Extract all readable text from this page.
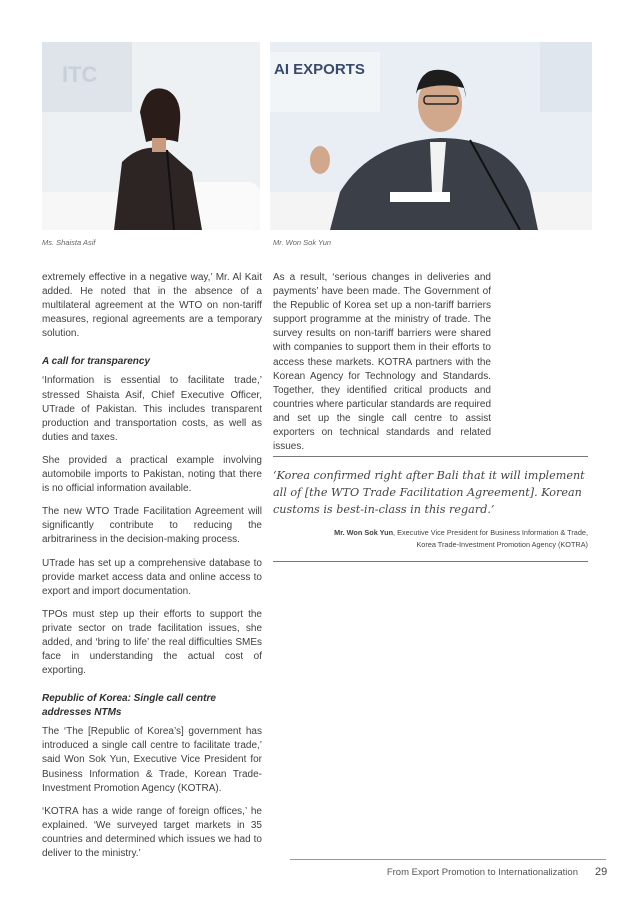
ITC
Ms. Shaista Asif
AI EXPORTS
Mr. Won Sok Yun

extremely effective in a negative way,’ Mr. Al Kait added. He noted that in the absence of a multilateral agreement at the WTO on non-tariff measures, regional agreements are a temporary solution.

A call for transparency

‘Information is essential to facilitate trade,’ stressed Shaista Asif, Chief Executive Officer, UTrade of Pakistan. This includes transparent production and transportation costs, as well as duties and taxes.

She provided a practical example involving automobile imports to Pakistan, noting that there is no official information available.

The new WTO Trade Facilitation Agreement will significantly contribute to reducing the arbitrariness in the decision-making process.

UTrade has set up a comprehensive database to provide market access data and online access to export and import documentation.

TPOs must step up their efforts to support the private sector on trade facilitation issues, she added, and ‘bring to life’ the real difficulties SMEs face in understanding the actual cost of exporting.

Republic of Korea: Single call centre addresses NTMs

The ‘The [Republic of Korea’s] government has introduced a single call centre to facilitate trade,’ said Won Sok Yun, Executive Vice President for Business Information & Trade, Korean Trade-Investment Promotion Agency (KOTRA).

‘KOTRA has a wide range of foreign offices,’ he explained. ‘We surveyed target markets in 35 countries and determined which issues we had to deliver to the ministry.’

As a result, ‘serious changes in deliveries and payments’ have been made. The Government of the Republic of Korea set up a non-tariff barriers support programme at the ministry of trade. The survey results on non-tariff barriers were shared with companies to support them in their efforts to access these markets. KOTRA partners with the Korean Agency for Technology and Standards. Together, they identified critical products and countries where particular standards are required and set up the single call centre to assist exporters on technical standards and related issues.

‘Korea confirmed right after Bali that it will implement all of [the WTO Trade Facilitation Agreement]. Korean customs is best-in-class in this regard.’

Mr. Won Sok Yun, Executive Vice President for Business Information & Trade,
Korea Trade-Investment Promotion Agency (KOTRA)
From Export Promotion to Internationalization 29
